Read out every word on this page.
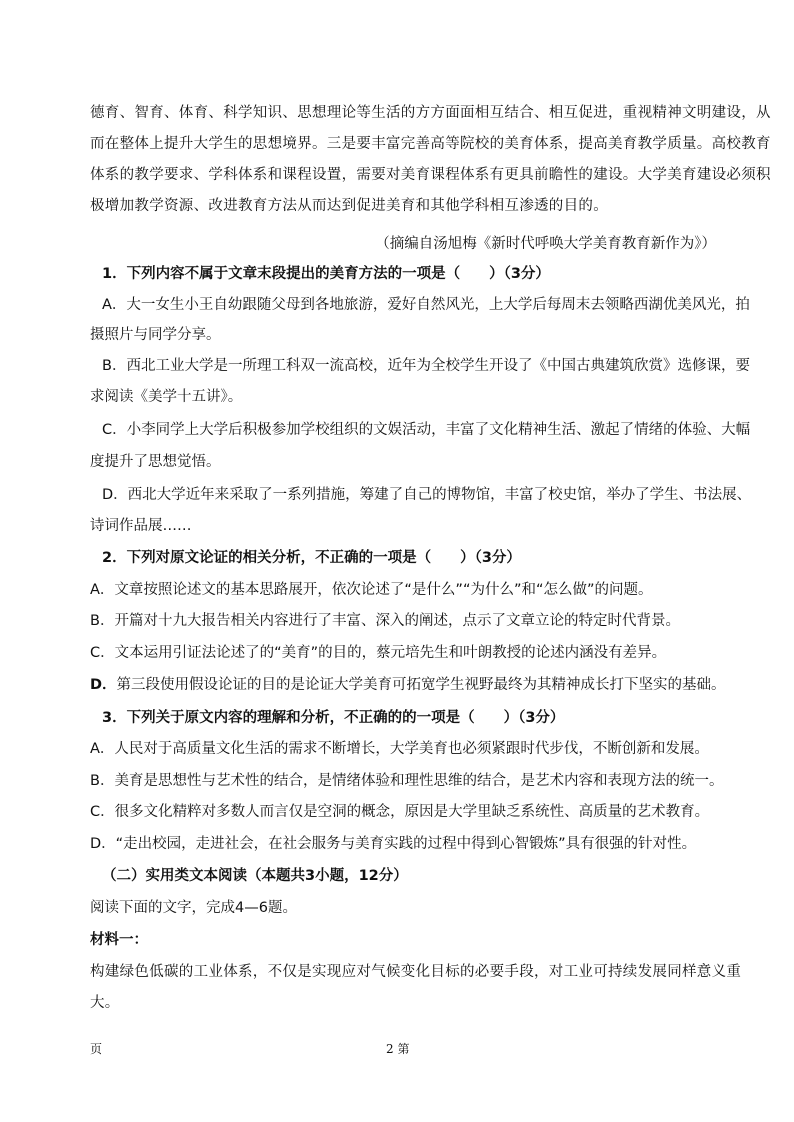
德育、智育、体育、科学知识、思想理论等生活的方方面面相互结合、相互促进，重视精神文明建设，从

而在整体上提升大学生的思想境界。三是要丰富完善高等院校的美育体系，提高美育教学质量。高校教育

体系的教学要求、学科体系和课程设置，需要对美育课程体系有更具前瞻性的建设。大学美育建设必须积

极增加教学资源、改进教育方法从而达到促进美育和其他学科相互渗透的目的。

（摘编自汤旭梅《新时代呼唤大学美育教育新作为》）

1．下列内容不属于文章末段提出的美育方法的一项是（　　）（3分）

A．大一女生小王自幼跟随父母到各地旅游，爱好自然风光，上大学后每周末去领略西湖优美风光，拍

摄照片与同学分享。

B．西北工业大学是一所理工科双一流高校，近年为全校学生开设了《中国古典建筑欣赏》选修课，要

求阅读《美学十五讲》。

C．小李同学上大学后积极参加学校组织的文娱活动，丰富了文化精神生活、激起了情绪的体验、大幅

度提升了思想觉悟。

D．西北大学近年来采取了一系列措施，筹建了自己的博物馆，丰富了校史馆，举办了学生、书法展、

诗词作品展……

2．下列对原文论证的相关分析，不正确的一项是（　　）（3分）

A．文章按照论述文的基本思路展开，依次论述了“是什么”“为什么”和“怎么做”的问题。

B．开篇对十九大报告相关内容进行了丰富、深入的阐述，点示了文章立论的特定时代背景。

C．文本运用引证法论述了的“美育”的目的，蔡元培先生和叶朗教授的论述内涵没有差异。

D．第三段使用假设论证的目的是论证大学美育可拓宽学生视野最终为其精神成长打下坚实的基础。

3．下列关于原文内容的理解和分析，不正确的的一项是（　　）（3分）

A．人民对于高质量文化生活的需求不断增长，大学美育也必须紧跟时代步伐，不断创新和发展。

B．美育是思想性与艺术性的结合，是情绪体验和理性思维的结合，是艺术内容和表现方法的统一。

C．很多文化精粹对多数人而言仅是空洞的概念，原因是大学里缺乏系统性、高质量的艺术教育。

D．“走出校园，走进社会，在社会服务与美育实践的过程中得到心智锻炼”具有很强的针对性。

（二）实用类文本阅读（本题共3小题，12分）

阅读下面的文字，完成4—6题。

材料一：

构建绿色低碳的工业体系，不仅是实现应对气候变化目标的必要手段，对工业可持续发展同样意义重

大。

页	2 第
